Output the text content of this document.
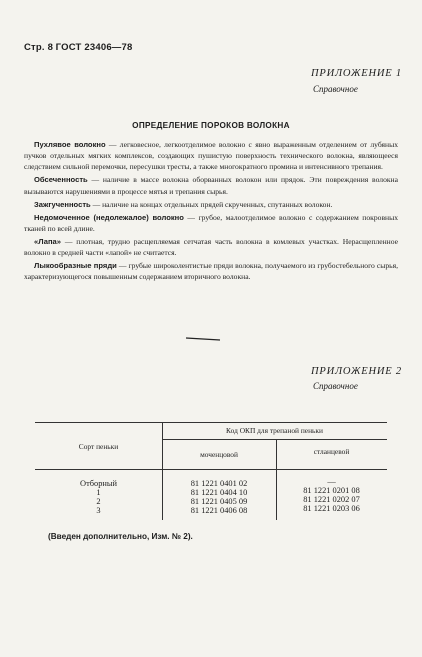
Стр. 8 ГОСТ 23406—78
ПРИЛОЖЕНИЕ 1
Справочное
ОПРЕДЕЛЕНИЕ ПОРОКОВ ВОЛОКНА

Пухлявое волокно — легковесное, легкоотделимое волокно с явно выраженным отделением от лубяных пучков отдельных мягких комплексов, создающих пушистую поверхность технического волокна, являющееся следствием сильной перемочки, пересушки тресты, а также многократного промина и интенсивного трепания.

Обсеченность — наличие в массе волокна оборванных волокон или прядок. Эти повреждения волокна вызываются нарушениями в процессе мятья и трепания сырья.

Зажгученность — наличие на концах отдельных прядей скрученных, спутанных волокон.

Недомоченное (недолежалое) волокно — грубое, малоотделимое волокно с содержанием покровных тканей по всей длине.

«Лапа» — плотная, трудно расщепляемая сетчатая часть волокна в комлевых участках. Нерасщепленное волокно в средней части «лапой» не считается.

Лыкообразные пряди — грубые широколентистые пряди волокна, получаемого из грубостебельного сырья, характеризующегося повышенным содержанием вторичного волокна.

ПРИЛОЖЕНИЕ 2
Справочное
Сорт пеньки
Код ОКП для трепаной пеньки
моченцовой	стланцевой
Отборный	81 1221 0401 02	—
1	81 1221 0404 10	81 1221 0201 08
2	81 1221 0405 09	81 1221 0202 07
3	81 1221 0406 08	81 1221 0203 06
(Введен дополнительно, Изм. № 2).
